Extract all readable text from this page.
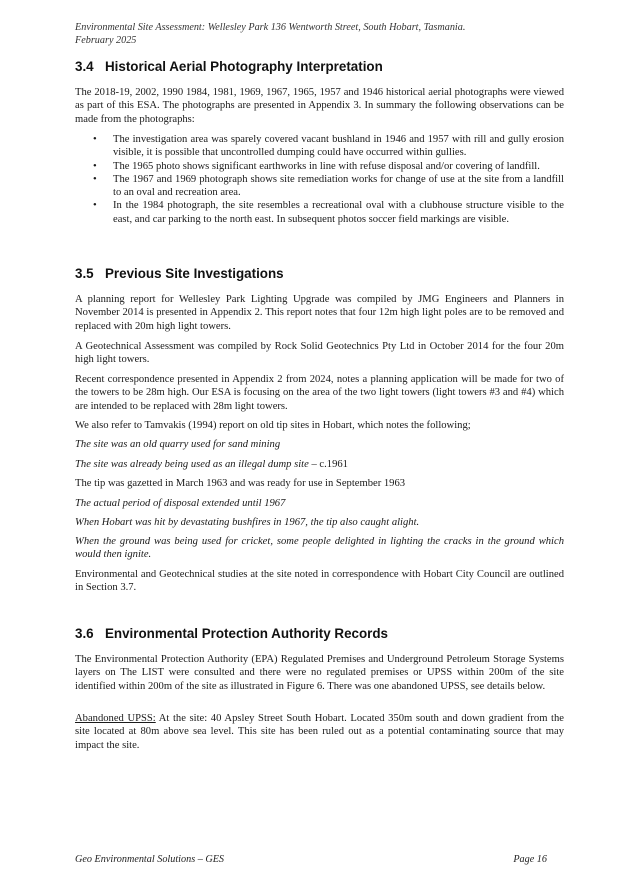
Environmental Site Assessment: Wellesley Park 136 Wentworth Street, South Hobart, Tasmania.
February 2025
3.4 Historical Aerial Photography Interpretation
The 2018-19, 2002, 1990 1984, 1981, 1969, 1967, 1965, 1957 and 1946 historical aerial photographs were viewed as part of this ESA. The photographs are presented in Appendix 3. In summary the following observations can be made from the photographs:
• The investigation area was sparely covered vacant bushland in 1946 and 1957 with rill and gully erosion visible, it is possible that uncontrolled dumping could have occurred within gullies.
• The 1965 photo shows significant earthworks in line with refuse disposal and/or covering of landfill.
• The 1967 and 1969 photograph shows site remediation works for change of use at the site from a landfill to an oval and recreation area.
• In the 1984 photograph, the site resembles a recreational oval with a clubhouse structure visible to the east, and car parking to the north east. In subsequent photos soccer field markings are visible.
3.5 Previous Site Investigations
A planning report for Wellesley Park Lighting Upgrade was compiled by JMG Engineers and Planners in November 2014 is presented in Appendix 2. This report notes that four 12m high light poles are to be removed and replaced with 20m high light towers.
A Geotechnical Assessment was compiled by Rock Solid Geotechnics Pty Ltd in October 2014 for the four 20m high light towers.
Recent correspondence presented in Appendix 2 from 2024, notes a planning application will be made for two of the towers to be 28m high. Our ESA is focusing on the area of the two light towers (light towers #3 and #4) which are intended to be replaced with 28m light towers.
We also refer to Tamvakis (1994) report on old tip sites in Hobart, which notes the following;
The site was an old quarry used for sand mining
The site was already being used as an illegal dump site – c.1961
The tip was gazetted in March 1963 and was ready for use in September 1963
The actual period of disposal extended until 1967
When Hobart was hit by devastating bushfires in 1967, the tip also caught alight.
When the ground was being used for cricket, some people delighted in lighting the cracks in the ground which would then ignite.
Environmental and Geotechnical studies at the site noted in correspondence with Hobart City Council are outlined in Section 3.7.
3.6 Environmental Protection Authority Records
The Environmental Protection Authority (EPA) Regulated Premises and Underground Petroleum Storage Systems layers on The LIST were consulted and there were no regulated premises or UPSS within 200m of the site identified within 200m of the site as illustrated in Figure 6. There was one abandoned UPSS, see details below.
Abandoned UPSS: At the site: 40 Apsley Street South Hobart. Located 350m south and down gradient from the site located at 80m above sea level. This site has been ruled out as a potential contaminating source that may impact the site.
Geo Environmental Solutions – GES	Page 16
